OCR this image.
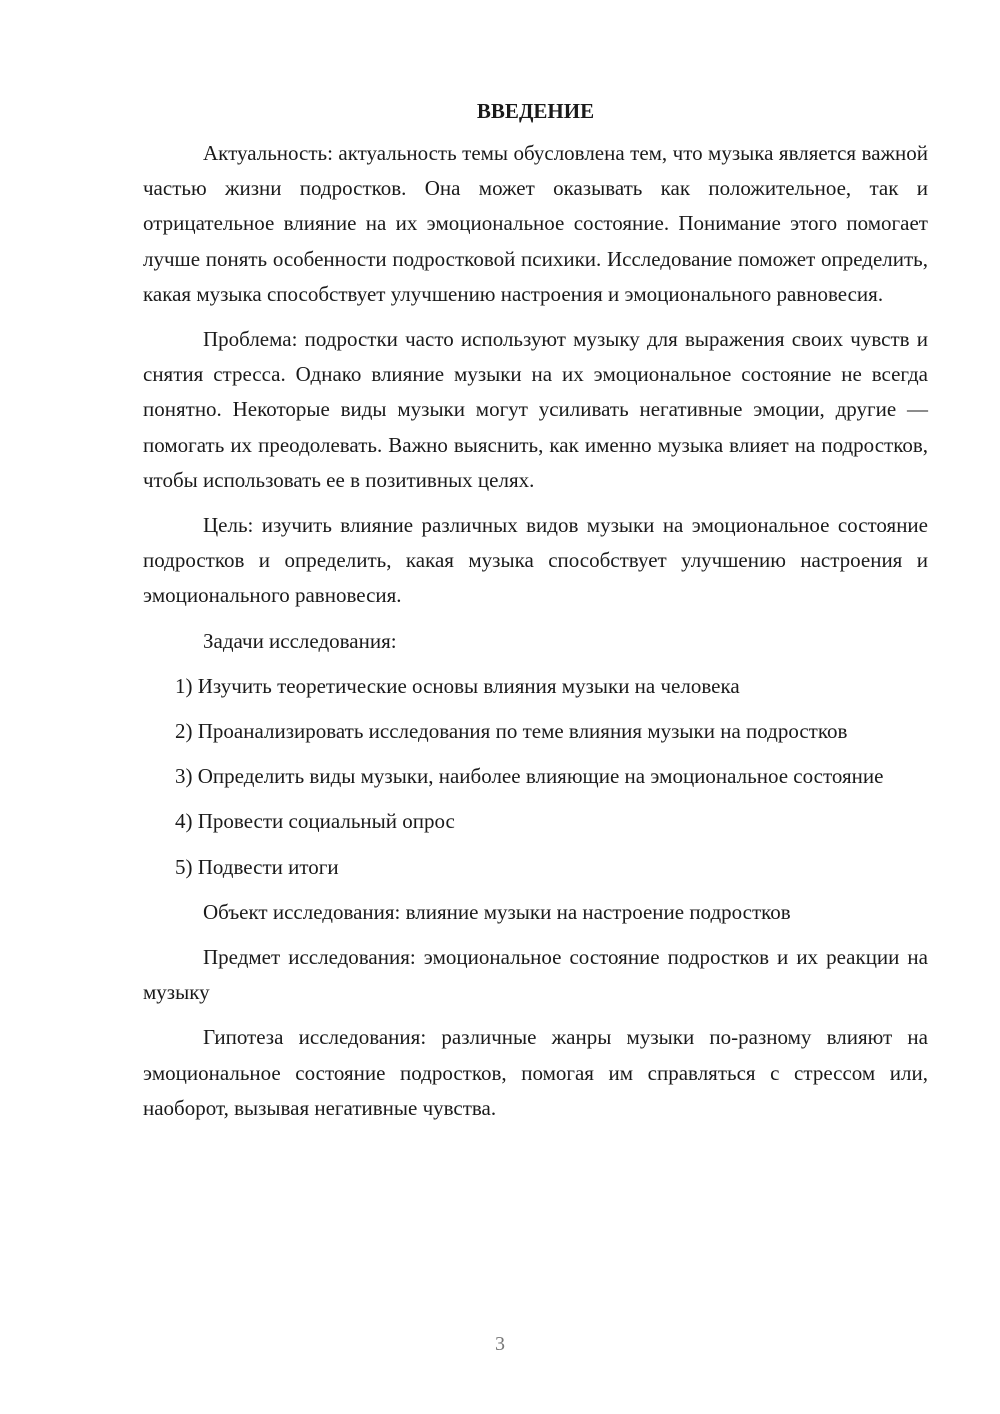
ВВЕДЕНИЕ

Актуальность: актуальность темы обусловлена тем, что музыка является важной частью жизни подростков. Она может оказывать как положительное, так и отрицательное влияние на их эмоциональное состояние. Понимание этого помогает лучше понять особенности подростковой психики. Исследование поможет определить, какая музыка способствует улучшению настроения и эмоционального равновесия.

Проблема: подростки часто используют музыку для выражения своих чувств и снятия стресса. Однако влияние музыки на их эмоциональное состояние не всегда понятно. Некоторые виды музыки могут усиливать негативные эмоции, другие — помогать их преодолевать. Важно выяснить, как именно музыка влияет на подростков, чтобы использовать ее в позитивных целях.

Цель: изучить влияние различных видов музыки на эмоциональное состояние подростков и определить, какая музыка способствует улучшению настроения и эмоционального равновесия.

Задачи исследования:

1) Изучить теоретические основы влияния музыки на человека

2) Проанализировать исследования по теме влияния музыки на подростков

3) Определить виды музыки, наиболее влияющие на эмоциональное состояние

4) Провести социальный опрос

5) Подвести итоги

Объект исследования: влияние музыки на настроение подростков

Предмет исследования: эмоциональное состояние подростков и их реакции на музыку

Гипотеза исследования: различные жанры музыки по-разному влияют на эмоциональное состояние подростков, помогая им справляться с стрессом или, наоборот, вызывая негативные чувства.

3
